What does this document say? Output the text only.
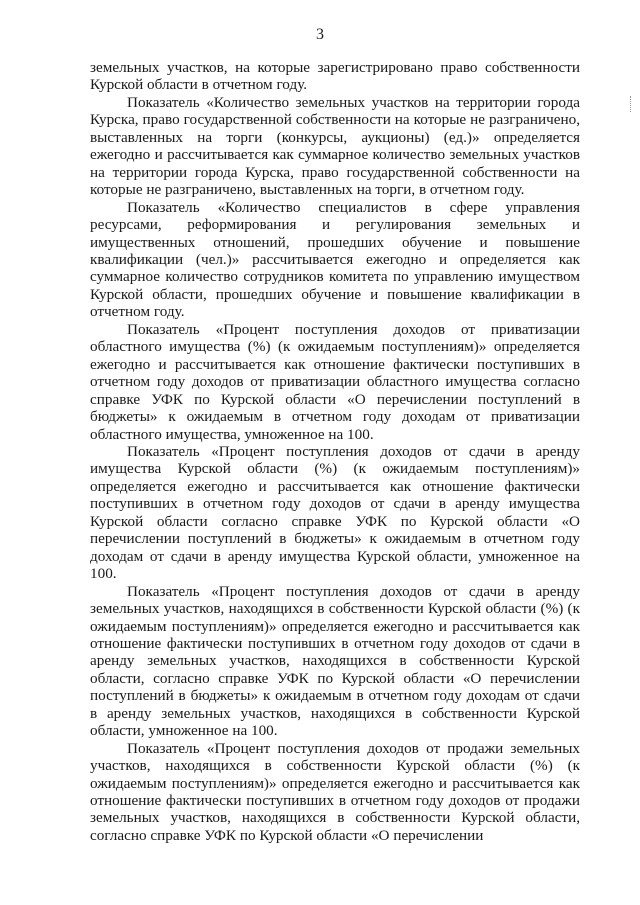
3

земельных участков, на которые зарегистрировано право собственности Курской области в отчетном году.

Показатель «Количество земельных участков на территории города Курска, право государственной собственности на которые не разграничено, выставленных на торги (конкурсы, аукционы) (ед.)» определяется ежегодно и рассчитывается как суммарное количество земельных участков на территории города Курска, право государственной собственности на которые не разграничено, выставленных на торги, в отчетном году.

Показатель «Количество специалистов в сфере управления ресурсами, реформирования и регулирования земельных и имущественных отношений, прошедших обучение и повышение квалификации (чел.)» рассчитывается ежегодно и определяется как суммарное количество сотрудников комитета по управлению имуществом Курской области, прошедших обучение и повышение квалификации в отчетном году.

Показатель «Процент поступления доходов от приватизации областного имущества (%) (к ожидаемым поступлениям)» определяется ежегодно и рассчитывается как отношение фактически поступивших в отчетном году доходов от приватизации областного имущества согласно справке УФК по Курской области «О перечислении поступлений в бюджеты» к ожидаемым в отчетном году доходам от приватизации областного имущества, умноженное на 100.

Показатель «Процент поступления доходов от сдачи в аренду имущества Курской области (%) (к ожидаемым поступлениям)» определяется ежегодно и рассчитывается как отношение фактически поступивших в отчетном году доходов от сдачи в аренду имущества Курской области согласно справке УФК по Курской области «О перечислении поступлений в бюджеты» к ожидаемым в отчетном году доходам от сдачи в аренду имущества Курской области, умноженное на 100.

Показатель «Процент поступления доходов от сдачи в аренду земельных участков, находящихся в собственности Курской области (%) (к ожидаемым поступлениям)» определяется ежегодно и рассчитывается как отношение фактически поступивших в отчетном году доходов от сдачи в аренду земельных участков, находящихся в собственности Курской области, согласно справке УФК по Курской области «О перечислении поступлений в бюджеты» к ожидаемым в отчетном году доходам от сдачи в аренду земельных участков, находящихся в собственности Курской области, умноженное на 100.

Показатель «Процент поступления доходов от продажи земельных участков, находящихся в собственности Курской области (%) (к ожидаемым поступлениям)» определяется ежегодно и рассчитывается как отношение фактически поступивших в отчетном году доходов от продажи земельных участков, находящихся в собственности Курской области, согласно справке УФК по Курской области «О перечислении
